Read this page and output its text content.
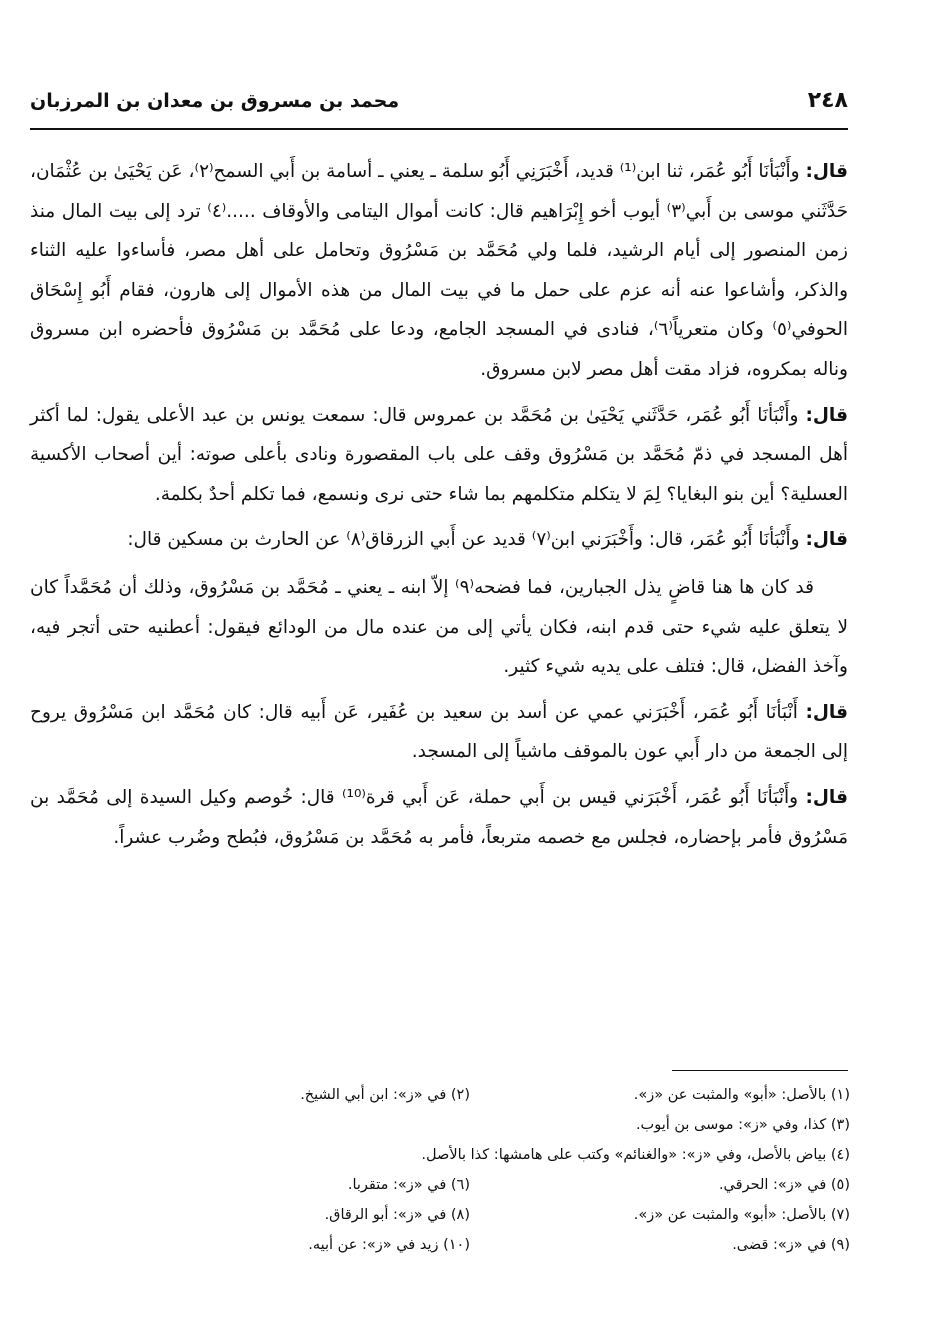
٢٤٨
محمد بن مسروق بن معدان بن المرزبان

قال: وأَنْبَأنَا أَبُو عُمَر، ثنا ابن⁽¹⁾ قديد، أَخْبَرَنِي أَبُو سلمة ـ يعني ـ أسامة بن أَبي السمح⁽٢⁾، عَن يَحْيَىٰ بن عُثْمَان، حَدَّثَني موسى بن أَبي⁽٣⁾ أيوب أخو إِبْرَاهيم قال: كانت أموال اليتامى والأوقاف .....⁽٤⁾ ترد إلى بيت المال منذ زمن المنصور إلى أيام الرشيد، فلما ولي مُحَمَّد بن مَسْرُوق وتحامل على أهل مصر، فأساءوا عليه الثناء والذكر، وأشاعوا عنه أنه عزم على حمل ما في بيت المال من هذه الأموال إلى هارون، فقام أَبُو إِسْحَاق الحوفي⁽٥⁾ وكان متعرياً⁽٦⁾، فنادى في المسجد الجامع، ودعا على مُحَمَّد بن مَسْرُوق فأحضره ابن مسروق وناله بمكروه، فزاد مقت أهل مصر لابن مسروق.

قال: وأَنْبَأنَا أَبُو عُمَر، حَدَّثَني يَحْيَىٰ بن مُحَمَّد بن عمروس قال: سمعت يونس بن عبد الأعلى يقول: لما أكثر أهل المسجد في ذمّ مُحَمَّد بن مَسْرُوق وقف على باب المقصورة ونادى بأعلى صوته: أين أصحاب الأكسية العسلية؟ أين بنو البغايا؟ لِمَ لا يتكلم متكلمهم بما شاء حتى نرى ونسمع، فما تكلم أحدٌ بكلمة.

قال: وأَنْبَأنَا أَبُو عُمَر، قال: وأَخْبَرَني ابن⁽٧⁾ قديد عن أَبي الزرقاق⁽٨⁾ عن الحارث بن مسكين قال:

قد كان ها هنا قاضٍ يذل الجبارين، فما فضحه⁽٩⁾ إلاّ ابنه ـ يعني ـ مُحَمَّد بن مَسْرُوق، وذلك أن مُحَمَّداً كان لا يتعلق عليه شيء حتى قدم ابنه، فكان يأتي إلى من عنده مال من الودائع فيقول: أعطنيه حتى أتجر فيه، وآخذ الفضل، قال: فتلف على يديه شيء كثير.

قال: أَنْبَأنَا أَبُو عُمَر، أَخْبَرَني عمي عن أسد بن سعيد بن عُفَير، عَن أَبيه قال: كان مُحَمَّد ابن مَسْرُوق يروح إلى الجمعة من دار أَبي عون بالموقف ماشياً إلى المسجد.

قال: وأَنْبَأنَا أَبُو عُمَر، أَخْبَرَني قيس بن أَبي حملة، عَن أَبي قرة⁽¹⁰⁾ قال: خُوصم وكيل السيدة إلى مُحَمَّد بن مَسْرُوق فأمر بإحضاره، فجلس مع خصمه متربعاً، فأمر به مُحَمَّد بن مَسْرُوق، فبُطح وضُرب عشراً.

(١) بالأصل: «أبو» والمثبت عن «ز».
(٢) في «ز»: ابن أبي الشيخ.
(٣) كذا، وفي «ز»: موسى بن أيوب.
(٤) بياض بالأصل، وفي «ز»: «والغنائم» وكتب على هامشها: كذا بالأصل.
(٥) في «ز»: الحرقي.
(٦) في «ز»: متقربا.
(٧) بالأصل: «أبو» والمثبت عن «ز».
(٨) في «ز»: أبو الرقاق.
(٩) في «ز»: قضى.
(١٠) زيد في «ز»: عن أبيه.
